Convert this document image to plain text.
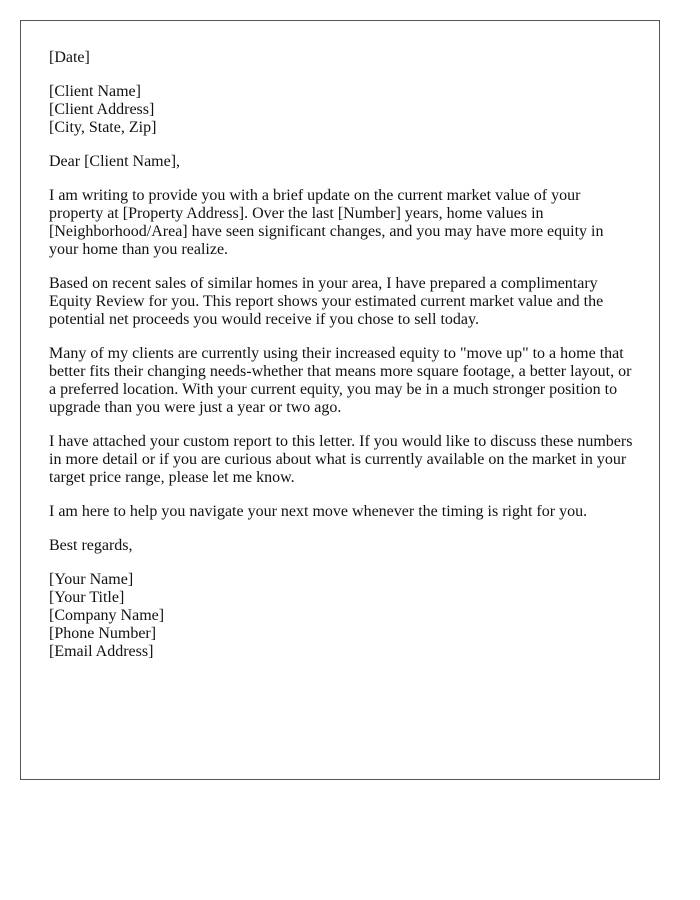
[Date]

[Client Name]
[Client Address]
[City, State, Zip]

Dear [Client Name],

I am writing to provide you with a brief update on the current market value of your
property at [Property Address]. Over the last [Number] years, home values in
[Neighborhood/Area] have seen significant changes, and you may have more equity in
your home than you realize.

Based on recent sales of similar homes in your area, I have prepared a complimentary
Equity Review for you. This report shows your estimated current market value and the
potential net proceeds you would receive if you chose to sell today.

Many of my clients are currently using their increased equity to "move up" to a home that
better fits their changing needs-whether that means more square footage, a better layout, or
a preferred location. With your current equity, you may be in a much stronger position to
upgrade than you were just a year or two ago.

I have attached your custom report to this letter. If you would like to discuss these numbers
in more detail or if you are curious about what is currently available on the market in your
target price range, please let me know.

I am here to help you navigate your next move whenever the timing is right for you.

Best regards,

[Your Name]
[Your Title]
[Company Name]
[Phone Number]
[Email Address]
